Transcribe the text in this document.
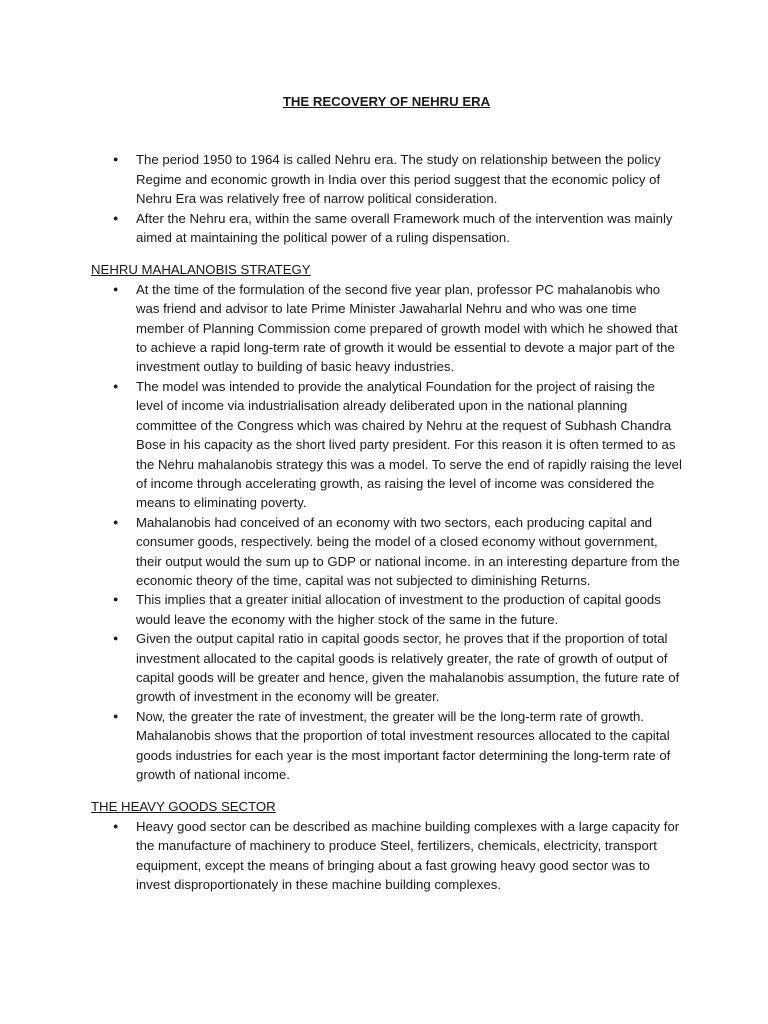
THE RECOVERY OF NEHRU ERA
● The period 1950 to 1964 is called Nehru era. The study on relationship between the policy Regime and economic growth in India over this period suggest that the economic policy of Nehru Era was relatively free of narrow political consideration.
● After the Nehru era, within the same overall Framework much of the intervention was mainly aimed at maintaining the political power of a ruling dispensation.
NEHRU MAHALANOBIS STRATEGY
● At the time of the formulation of the second five year plan, professor PC mahalanobis who was friend and advisor to late Prime Minister Jawaharlal Nehru and who was one time member of Planning Commission come prepared of growth model with which he showed that to achieve a rapid long-term rate of growth it would be essential to devote a major part of the investment outlay to building of basic heavy industries.
● The model was intended to provide the analytical Foundation for the project of raising the level of income via industrialisation already deliberated upon in the national planning committee of the Congress which was chaired by Nehru at the request of Subhash Chandra Bose in his capacity as the short lived party president. For this reason it is often termed to as the Nehru mahalanobis strategy this was a model. To serve the end of rapidly raising the level of income through accelerating growth, as raising the level of income was considered the means to eliminating poverty.
● Mahalanobis had conceived of an economy with two sectors, each producing capital and consumer goods, respectively. being the model of a closed economy without government, their output would the sum up to GDP or national income. in an interesting departure from the economic theory of the time, capital was not subjected to diminishing Returns.
● This implies that a greater initial allocation of investment to the production of capital goods would leave the economy with the higher stock of the same in the future.
● Given the output capital ratio in capital goods sector, he proves that if the proportion of total investment allocated to the capital goods is relatively greater, the rate of growth of output of capital goods will be greater and hence, given the mahalanobis assumption, the future rate of growth of investment in the economy will be greater.
● Now, the greater the rate of investment, the greater will be the long-term rate of growth. Mahalanobis shows that the proportion of total investment resources allocated to the capital goods industries for each year is the most important factor determining the long-term rate of growth of national income.
THE HEAVY GOODS SECTOR
● Heavy good sector can be described as machine building complexes with a large capacity for the manufacture of machinery to produce Steel, fertilizers, chemicals, electricity, transport equipment, except the means of bringing about a fast growing heavy good sector was to invest disproportionately in these machine building complexes.
